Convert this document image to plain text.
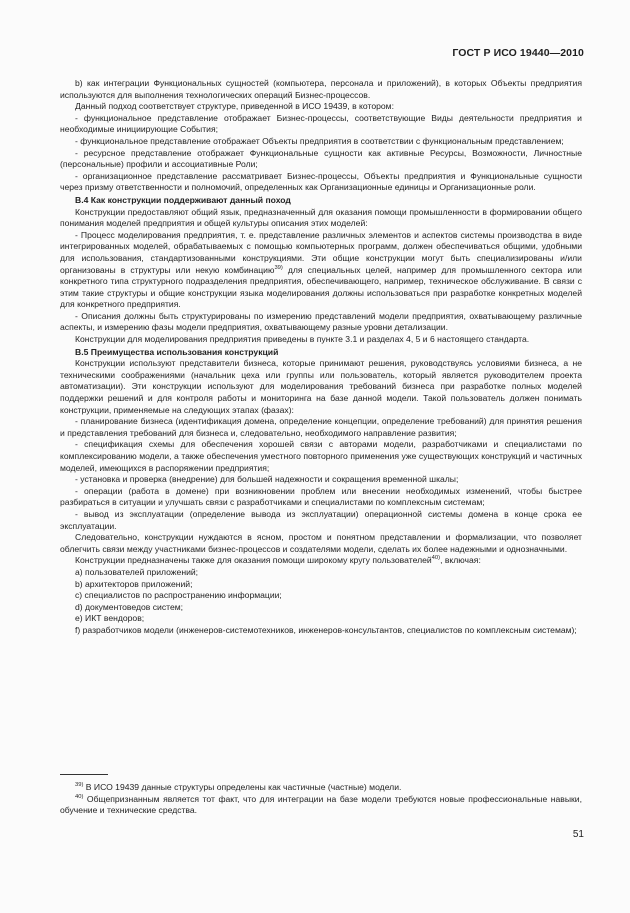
ГОСТ Р ИСО 19440—2010

b) как интеграции Функциональных сущностей (компьютера, персонала и приложений), в которых Объекты предприятия используются для выполнения технологических операций Бизнес-процессов.

Данный подход соответствует структуре, приведенной в ИСО 19439, в котором:

- функциональное представление отображает Бизнес-процессы, соответствующие Виды деятельности предприятия и необходимые инициирующие События;

- функциональное представление отображает Объекты предприятия в соответствии с функциональным представлением;

- ресурсное представление отображает Функциональные сущности как активные Ресурсы, Возможности, Личностные (персональные) профили и ассоциативные Роли;

- организационное представление рассматривает Бизнес-процессы, Объекты предприятия и Функциональные сущности через призму ответственности и полномочий, определенных как Организационные единицы и Организационные роли.

В.4 Как конструкции поддерживают данный поход

Конструкции предоставляют общий язык, предназначенный для оказания помощи промышленности в формировании общего понимания моделей предприятия и общей культуры описания этих моделей:

- Процесс моделирования предприятия, т. е. представление различных элементов и аспектов системы производства в виде интегрированных моделей, обрабатываемых с помощью компьютерных программ, должен обеспечиваться общими, удобными для использования, стандартизованными конструкциями. Эти общие конструкции могут быть специализированы и/или организованы в структуры или некую комбинацию$^{39)}$ для специальных целей, например для промышленного сектора или конкретного типа структурного подразделения предприятия, обеспечивающего, например, техническое обслуживание. В связи с этим такие структуры и общие конструкции языка моделирования должны использоваться при разработке конкретных моделей для конкретного предприятия.

- Описания должны быть структурированы по измерению представлений модели предприятия, охватывающему различные аспекты, и измерению фазы модели предприятия, охватывающему разные уровни детализации.

Конструкции для моделирования предприятия приведены в пункте 3.1 и разделах 4, 5 и 6 настоящего стандарта.

В.5 Преимущества использования конструкций

Конструкции используют представители бизнеса, которые принимают решения, руководствуясь условиями бизнеса, а не техническими соображениями (начальник цеха или группы или пользователь, который является руководителем проекта автоматизации). Эти конструкции используют для моделирования требований бизнеса при разработке полных моделей поддержки решений и для контроля работы и мониторинга на базе данной модели. Такой пользователь должен понимать конструкции, применяемые на следующих этапах (фазах):

- планирование бизнеса (идентификация домена, определение концепции, определение требований) для принятия решения и представления требований для бизнеса и, следовательно, необходимого направление развития;

- спецификация схемы для обеспечения хорошей связи с авторами модели, разработчиками и специалистами по комплексированию модели, а также обеспечения уместного повторного применения уже существующих конструкций и частичных моделей, имеющихся в распоряжении предприятия;

- установка и проверка (внедрение) для большей надежности и сокращения временной шкалы;

- операции (работа в домене) при возникновении проблем или внесении необходимых изменений, чтобы быстрее разбираться в ситуации и улучшать связи с разработчиками и специалистами по комплексным системам;

- вывод из эксплуатации (определение вывода из эксплуатации) операционной системы домена в конце срока ее эксплуатации.

Следовательно, конструкции нуждаются в ясном, простом и понятном представлении и формализации, что позволяет облегчить связи между участниками бизнес-процессов и создателями модели, сделать их более надежными и однозначными.

Конструкции предназначены также для оказания помощи широкому кругу пользователей$^{40)}$, включая:

a) пользователей приложений;

b) архитекторов приложений;

c) специалистов по распространению информации;

d) документоведов систем;

e) ИКТ вендоров;

f) разработчиков модели (инженеров-системотехников, инженеров-консультантов, специалистов по комплексным системам);

$^{39)}$ В ИСО 19439 данные структуры определены как частичные (частные) модели.

$^{40)}$ Общепризнанным является тот факт, что для интеграции на базе модели требуются новые профессиональные навыки, обучение и технические средства.

51
